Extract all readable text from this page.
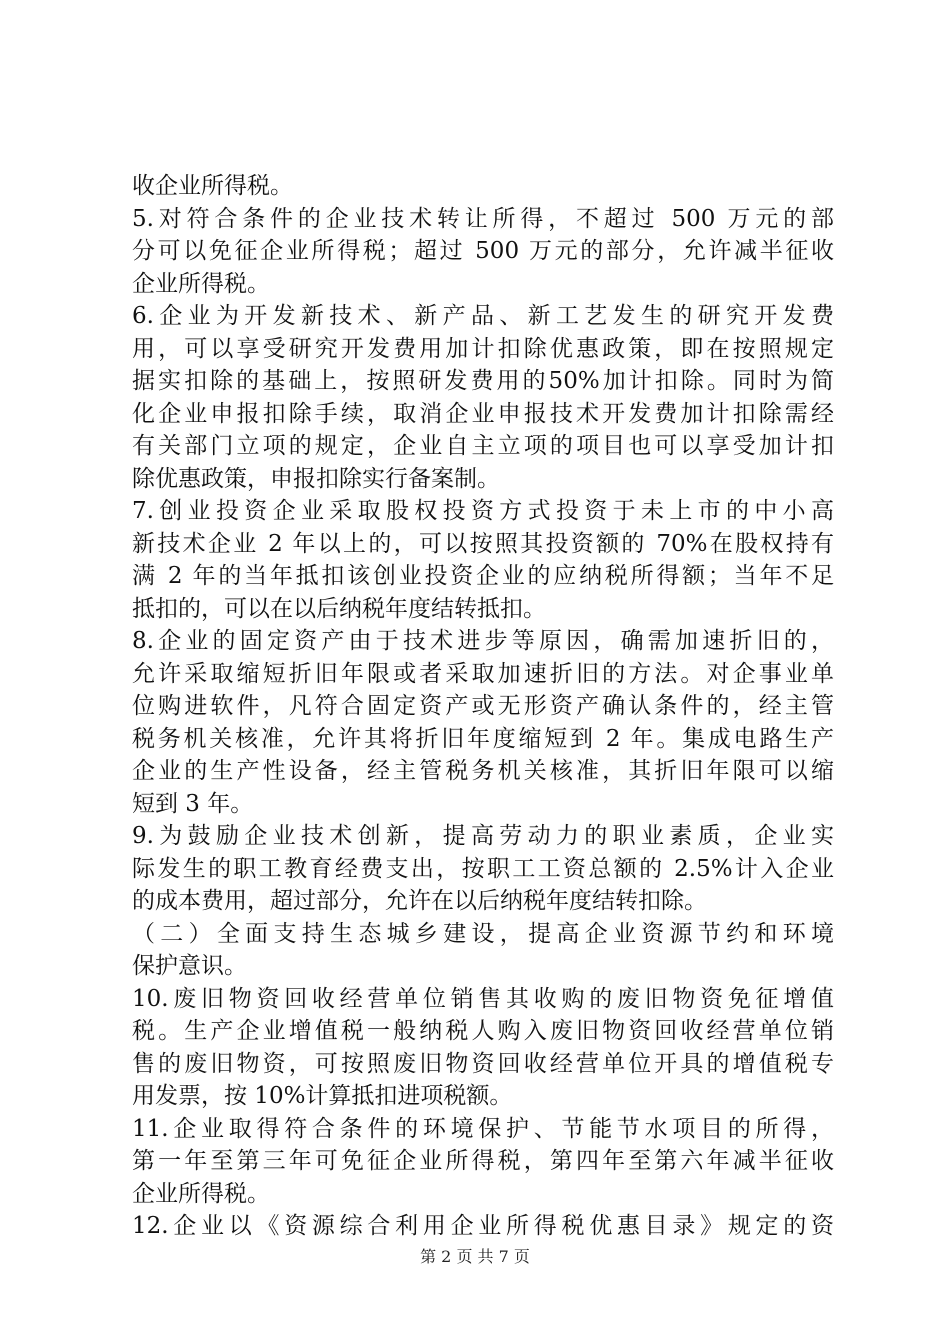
收企业所得税。
5.对符合条件的企业技术转让所得，不超过 500 万元的部
分可以免征企业所得税；超过 500 万元的部分，允许减半征收
企业所得税。
6.企业为开发新技术、新产品、新工艺发生的研究开发费
用，可以享受研究开发费用加计扣除优惠政策，即在按照规定
据实扣除的基础上，按照研发费用的50%加计扣除。同时为简
化企业申报扣除手续，取消企业申报技术开发费加计扣除需经
有关部门立项的规定，企业自主立项的项目也可以享受加计扣
除优惠政策，申报扣除实行备案制。
7.创业投资企业采取股权投资方式投资于未上市的中小高
新技术企业 2 年以上的，可以按照其投资额的 70%在股权持有
满 2 年的当年抵扣该创业投资企业的应纳税所得额；当年不足
抵扣的，可以在以后纳税年度结转抵扣。
8.企业的固定资产由于技术进步等原因，确需加速折旧的，
允许采取缩短折旧年限或者采取加速折旧的方法。对企事业单
位购进软件，凡符合固定资产或无形资产确认条件的，经主管
税务机关核准，允许其将折旧年度缩短到 2 年。集成电路生产
企业的生产性设备，经主管税务机关核准，其折旧年限可以缩
短到 3 年。
9.为鼓励企业技术创新，提高劳动力的职业素质，企业实
际发生的职工教育经费支出，按职工工资总额的 2.5%计入企业
的成本费用，超过部分，允许在以后纳税年度结转扣除。
（二）全面支持生态城乡建设，提高企业资源节约和环境
保护意识。
10.废旧物资回收经营单位销售其收购的废旧物资免征增值
税。生产企业增值税一般纳税人购入废旧物资回收经营单位销
售的废旧物资，可按照废旧物资回收经营单位开具的增值税专
用发票，按 10%计算抵扣进项税额。
11.企业取得符合条件的环境保护、节能节水项目的所得，
第一年至第三年可免征企业所得税，第四年至第六年减半征收
企业所得税。
12.企业以《资源综合利用企业所得税优惠目录》规定的资
第 2 页 共 7 页
